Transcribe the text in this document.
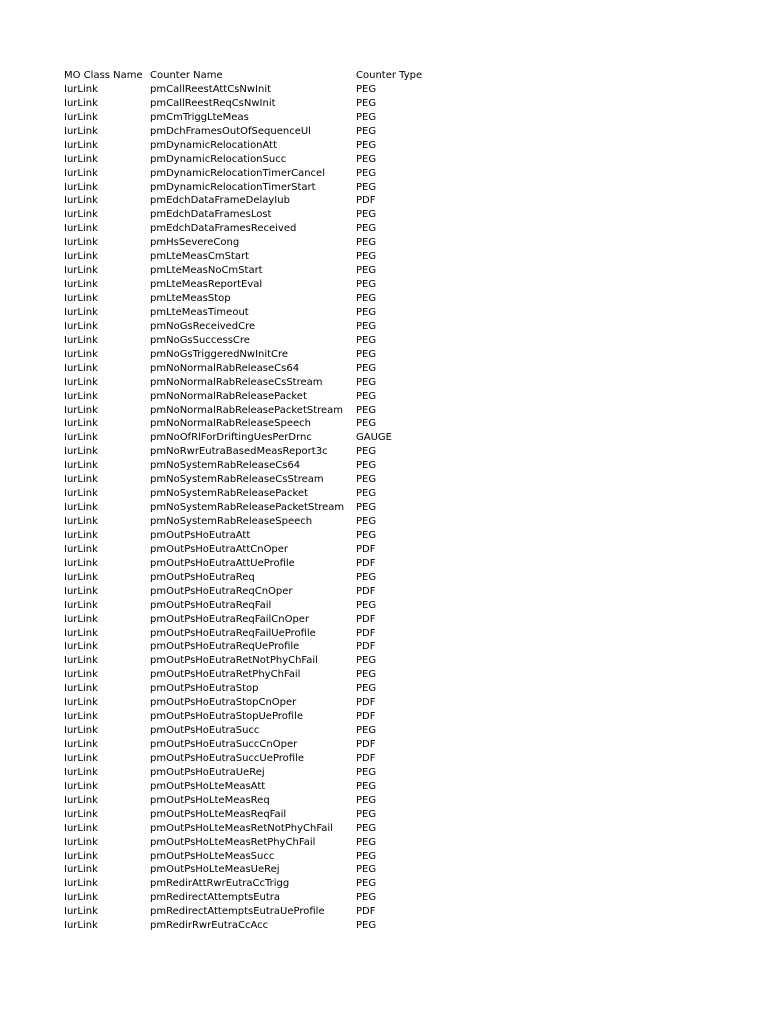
MO Class Name	Counter Name	Counter Type
IurLink	pmCallReestAttCsNwInit	PEG
IurLink	pmCallReestReqCsNwInit	PEG
IurLink	pmCmTriggLteMeas	PEG
IurLink	pmDchFramesOutOfSequenceUl	PEG
IurLink	pmDynamicRelocationAtt	PEG
IurLink	pmDynamicRelocationSucc	PEG
IurLink	pmDynamicRelocationTimerCancel	PEG
IurLink	pmDynamicRelocationTimerStart	PEG
IurLink	pmEdchDataFrameDelayIub	PDF
IurLink	pmEdchDataFramesLost	PEG
IurLink	pmEdchDataFramesReceived	PEG
IurLink	pmHsSevereCong	PEG
IurLink	pmLteMeasCmStart	PEG
IurLink	pmLteMeasNoCmStart	PEG
IurLink	pmLteMeasReportEval	PEG
IurLink	pmLteMeasStop	PEG
IurLink	pmLteMeasTimeout	PEG
IurLink	pmNoGsReceivedCre	PEG
IurLink	pmNoGsSuccessCre	PEG
IurLink	pmNoGsTriggeredNwInitCre	PEG
IurLink	pmNoNormalRabReleaseCs64	PEG
IurLink	pmNoNormalRabReleaseCsStream	PEG
IurLink	pmNoNormalRabReleasePacket	PEG
IurLink	pmNoNormalRabReleasePacketStream	PEG
IurLink	pmNoNormalRabReleaseSpeech	PEG
IurLink	pmNoOfRlForDriftingUesPerDrnc	GAUGE
IurLink	pmNoRwrEutraBasedMeasReport3c	PEG
IurLink	pmNoSystemRabReleaseCs64	PEG
IurLink	pmNoSystemRabReleaseCsStream	PEG
IurLink	pmNoSystemRabReleasePacket	PEG
IurLink	pmNoSystemRabReleasePacketStream	PEG
IurLink	pmNoSystemRabReleaseSpeech	PEG
IurLink	pmOutPsHoEutraAtt	PEG
IurLink	pmOutPsHoEutraAttCnOper	PDF
IurLink	pmOutPsHoEutraAttUeProfile	PDF
IurLink	pmOutPsHoEutraReq	PEG
IurLink	pmOutPsHoEutraReqCnOper	PDF
IurLink	pmOutPsHoEutraReqFail	PEG
IurLink	pmOutPsHoEutraReqFailCnOper	PDF
IurLink	pmOutPsHoEutraReqFailUeProfile	PDF
IurLink	pmOutPsHoEutraReqUeProfile	PDF
IurLink	pmOutPsHoEutraRetNotPhyChFail	PEG
IurLink	pmOutPsHoEutraRetPhyChFail	PEG
IurLink	pmOutPsHoEutraStop	PEG
IurLink	pmOutPsHoEutraStopCnOper	PDF
IurLink	pmOutPsHoEutraStopUeProfile	PDF
IurLink	pmOutPsHoEutraSucc	PEG
IurLink	pmOutPsHoEutraSuccCnOper	PDF
IurLink	pmOutPsHoEutraSuccUeProfile	PDF
IurLink	pmOutPsHoEutraUeRej	PEG
IurLink	pmOutPsHoLteMeasAtt	PEG
IurLink	pmOutPsHoLteMeasReq	PEG
IurLink	pmOutPsHoLteMeasReqFail	PEG
IurLink	pmOutPsHoLteMeasRetNotPhyChFail	PEG
IurLink	pmOutPsHoLteMeasRetPhyChFail	PEG
IurLink	pmOutPsHoLteMeasSucc	PEG
IurLink	pmOutPsHoLteMeasUeRej	PEG
IurLink	pmRedirAttRwrEutraCcTrigg	PEG
IurLink	pmRedirectAttemptsEutra	PEG
IurLink	pmRedirectAttemptsEutraUeProfile	PDF
IurLink	pmRedirRwrEutraCcAcc	PEG
